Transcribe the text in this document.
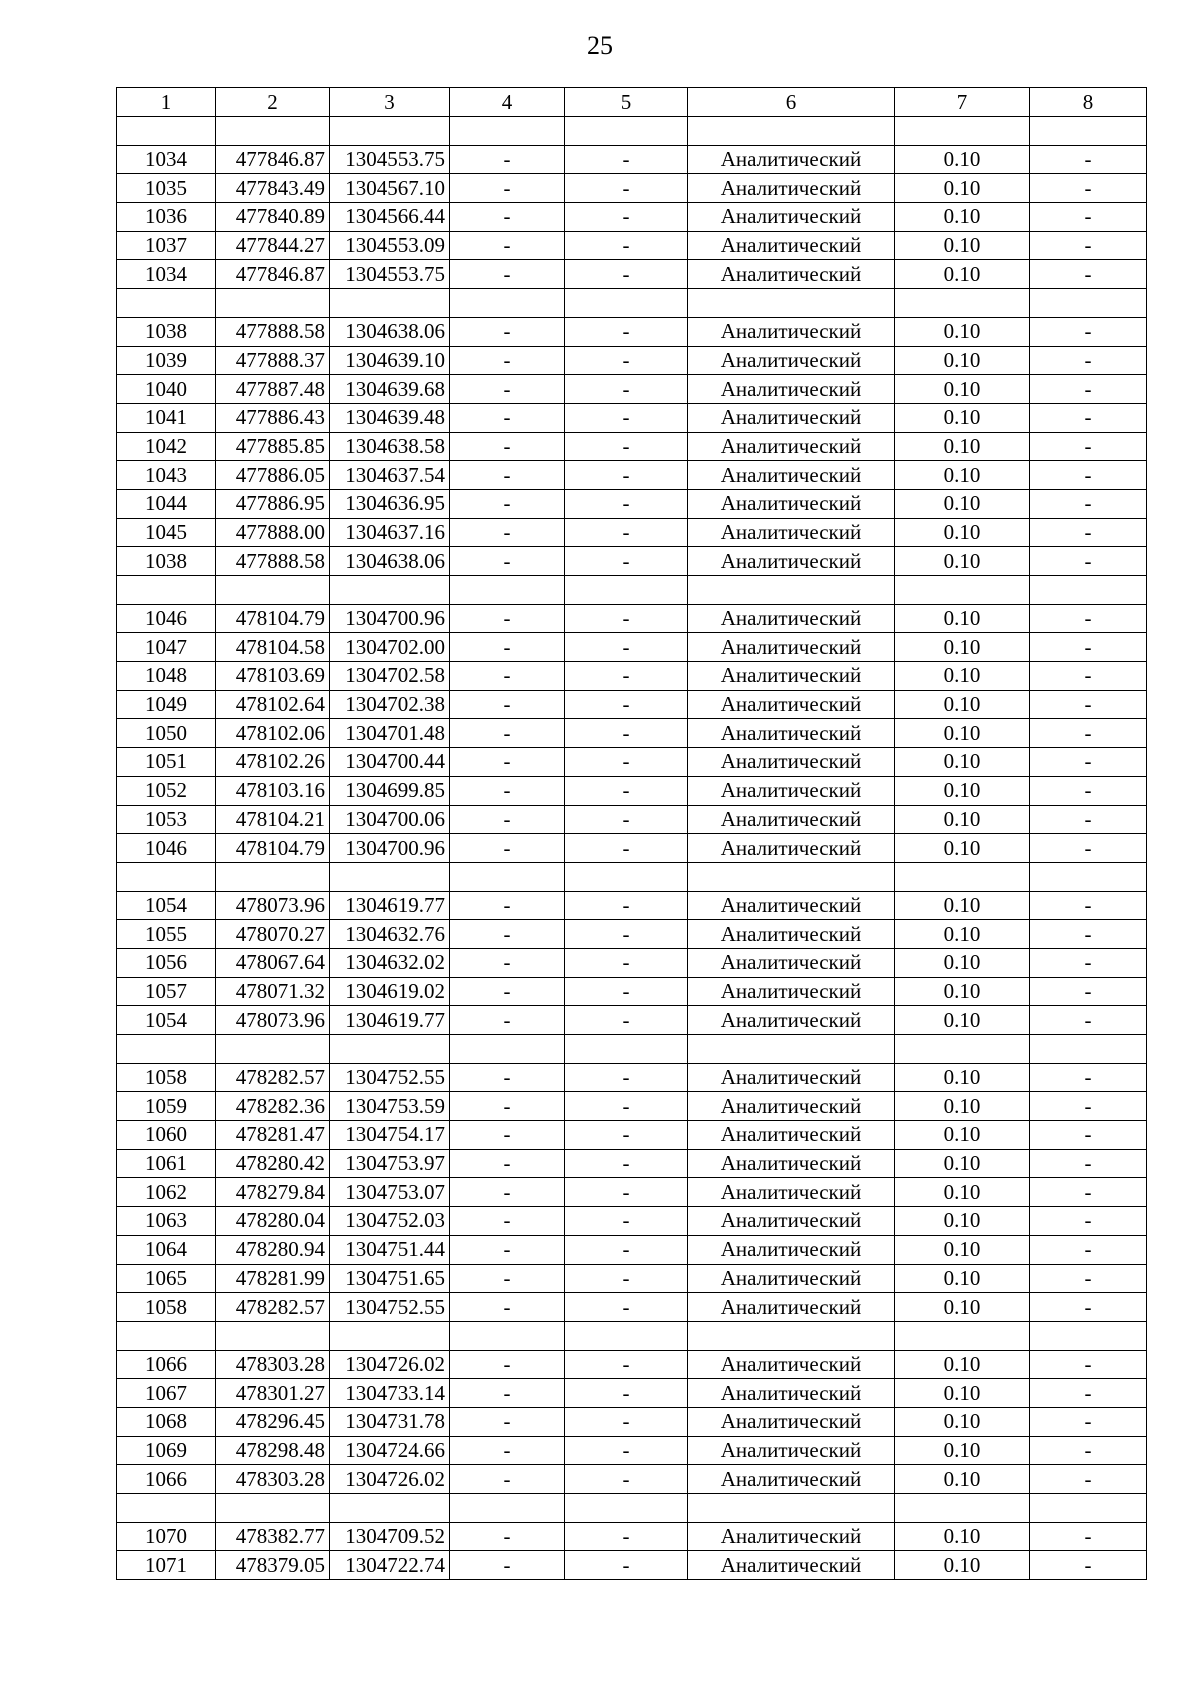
25
1	2	3	4	5	6	7	8

1034	477846.87	1304553.75	-	-	Аналитический	0.10	-
1035	477843.49	1304567.10	-	-	Аналитический	0.10	-
1036	477840.89	1304566.44	-	-	Аналитический	0.10	-
1037	477844.27	1304553.09	-	-	Аналитический	0.10	-
1034	477846.87	1304553.75	-	-	Аналитический	0.10	-

1038	477888.58	1304638.06	-	-	Аналитический	0.10	-
1039	477888.37	1304639.10	-	-	Аналитический	0.10	-
1040	477887.48	1304639.68	-	-	Аналитический	0.10	-
1041	477886.43	1304639.48	-	-	Аналитический	0.10	-
1042	477885.85	1304638.58	-	-	Аналитический	0.10	-
1043	477886.05	1304637.54	-	-	Аналитический	0.10	-
1044	477886.95	1304636.95	-	-	Аналитический	0.10	-
1045	477888.00	1304637.16	-	-	Аналитический	0.10	-
1038	477888.58	1304638.06	-	-	Аналитический	0.10	-

1046	478104.79	1304700.96	-	-	Аналитический	0.10	-
1047	478104.58	1304702.00	-	-	Аналитический	0.10	-
1048	478103.69	1304702.58	-	-	Аналитический	0.10	-
1049	478102.64	1304702.38	-	-	Аналитический	0.10	-
1050	478102.06	1304701.48	-	-	Аналитический	0.10	-
1051	478102.26	1304700.44	-	-	Аналитический	0.10	-
1052	478103.16	1304699.85	-	-	Аналитический	0.10	-
1053	478104.21	1304700.06	-	-	Аналитический	0.10	-
1046	478104.79	1304700.96	-	-	Аналитический	0.10	-

1054	478073.96	1304619.77	-	-	Аналитический	0.10	-
1055	478070.27	1304632.76	-	-	Аналитический	0.10	-
1056	478067.64	1304632.02	-	-	Аналитический	0.10	-
1057	478071.32	1304619.02	-	-	Аналитический	0.10	-
1054	478073.96	1304619.77	-	-	Аналитический	0.10	-

1058	478282.57	1304752.55	-	-	Аналитический	0.10	-
1059	478282.36	1304753.59	-	-	Аналитический	0.10	-
1060	478281.47	1304754.17	-	-	Аналитический	0.10	-
1061	478280.42	1304753.97	-	-	Аналитический	0.10	-
1062	478279.84	1304753.07	-	-	Аналитический	0.10	-
1063	478280.04	1304752.03	-	-	Аналитический	0.10	-
1064	478280.94	1304751.44	-	-	Аналитический	0.10	-
1065	478281.99	1304751.65	-	-	Аналитический	0.10	-
1058	478282.57	1304752.55	-	-	Аналитический	0.10	-

1066	478303.28	1304726.02	-	-	Аналитический	0.10	-
1067	478301.27	1304733.14	-	-	Аналитический	0.10	-
1068	478296.45	1304731.78	-	-	Аналитический	0.10	-
1069	478298.48	1304724.66	-	-	Аналитический	0.10	-
1066	478303.28	1304726.02	-	-	Аналитический	0.10	-

1070	478382.77	1304709.52	-	-	Аналитический	0.10	-
1071	478379.05	1304722.74	-	-	Аналитический	0.10	-
